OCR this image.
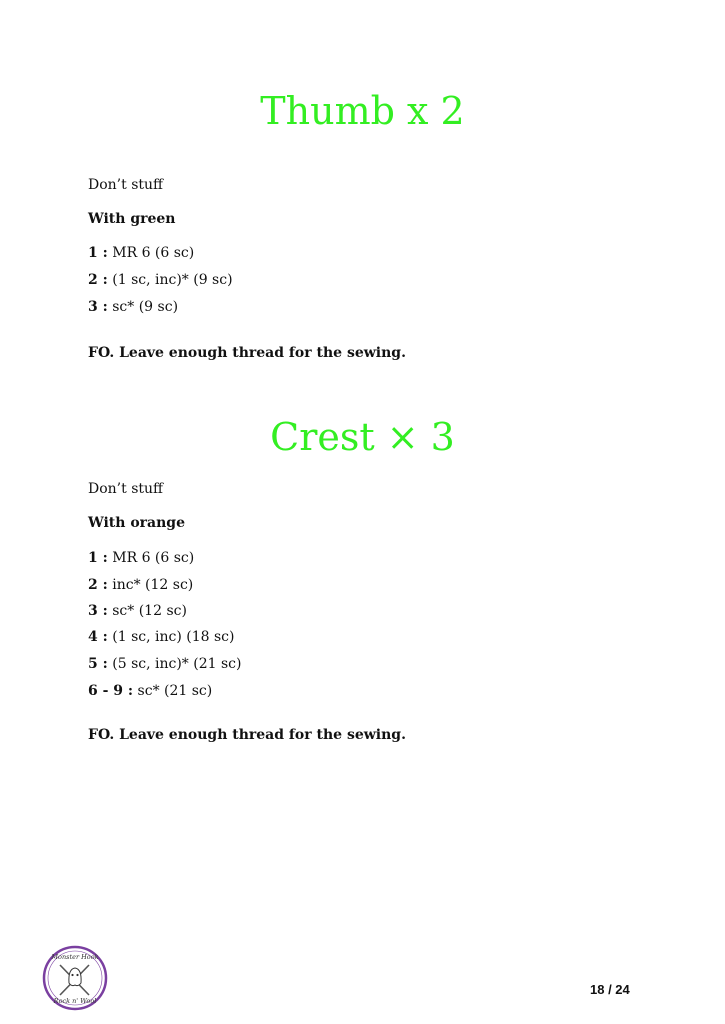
Thumb x 2
Don’t stuff
With green
1 : MR 6 (6 sc)
2 : (1 sc, inc)* (9 sc)
3 : sc* (9 sc)
FO. Leave enough thread for the sewing.
Crest × 3
Don’t stuff
With orange
1 : MR 6 (6 sc)
2 : inc* (12 sc)
3 : sc* (12 sc)
4 : (1 sc, inc) (18 sc)
5 : (5 sc, inc)* (21 sc)
6 - 9 : sc* (21 sc)
FO. Leave enough thread for the sewing.
Monster Hook
Rock n' Wool
18 / 24
